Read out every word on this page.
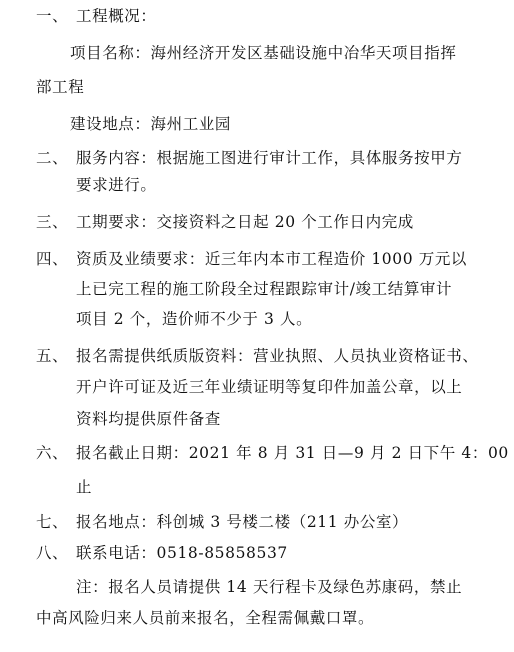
一、 工程概况：
项目名称：海州经济开发区基础设施中冶华天项目指挥
部工程
建设地点：海州工业园
二、 服务内容：根据施工图进行审计工作，具体服务按甲方
要求进行。
三、 工期要求：交接资料之日起 20 个工作日内完成
四、 资质及业绩要求：近三年内本市工程造价 1000 万元以
上已完工程的施工阶段全过程跟踪审计/竣工结算审计
项目 2 个，造价师不少于 3 人。
五、 报名需提供纸质版资料：营业执照、人员执业资格证书、
开户许可证及近三年业绩证明等复印件加盖公章，以上
资料均提供原件备查
六、 报名截止日期：2021 年 8 月 31 日—9 月 2 日下午 4：00
止
七、 报名地点：科创城 3 号楼二楼（211 办公室）
八、 联系电话：0518-85858537
注：报名人员请提供 14 天行程卡及绿色苏康码，禁止
中高风险归来人员前来报名，全程需佩戴口罩。
